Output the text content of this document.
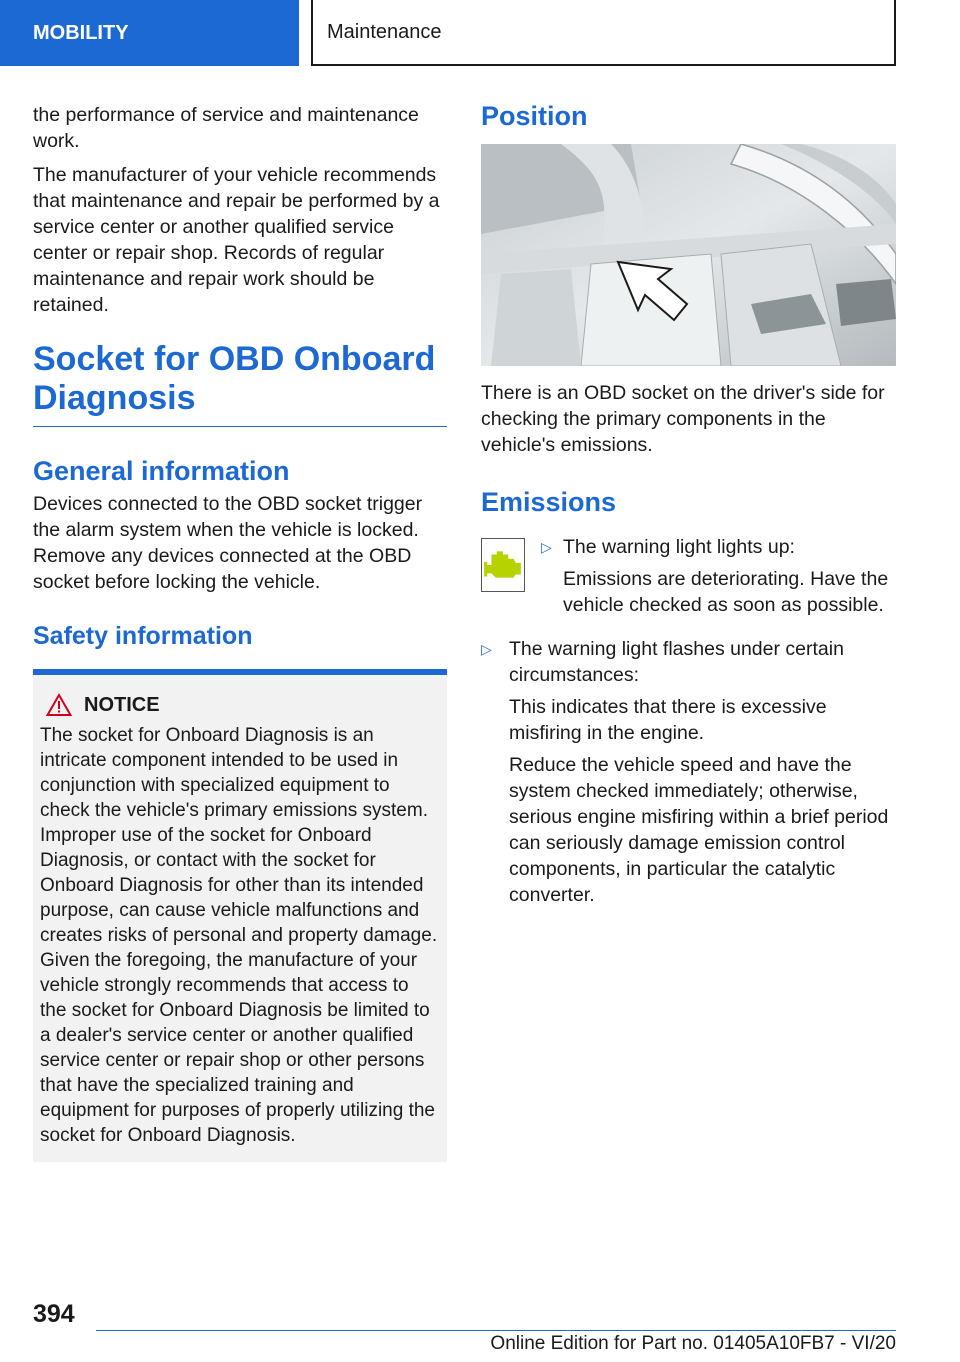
MOBILITY	Maintenance

the performance of service and maintenance work.

The manufacturer of your vehicle recommends that maintenance and repair be performed by a service center or another qualified service center or repair shop. Records of regular maintenance and repair work should be retained.

Socket for OBD Onboard Diagnosis
General information

Devices connected to the OBD socket trigger the alarm system when the vehicle is locked. Remove any devices connected at the OBD socket before locking the vehicle.

Safety information
NOTICE

The socket for Onboard Diagnosis is an intricate component intended to be used in conjunction with specialized equipment to check the vehicle's primary emissions system. Improper use of the socket for Onboard Diagnosis, or contact with the socket for Onboard Diagnosis for other than its intended purpose, can cause vehicle malfunctions and creates risks of personal and property damage. Given the foregoing, the manufacture of your vehicle strongly recommends that access to the socket for Onboard Diagnosis be limited to a dealer's service center or another qualified service center or repair shop or other persons that have the specialized training and equipment for purposes of properly utilizing the socket for Onboard Diagnosis.

Position

There is an OBD socket on the driver's side for checking the primary components in the vehicle's emissions.

Emissions
▷ The warning light lights up:

Emissions are deteriorating. Have the vehicle checked as soon as possible.

▷ The warning light flashes under certain circumstances:

This indicates that there is excessive misfiring in the engine.

Reduce the vehicle speed and have the system checked immediately; otherwise, serious engine misfiring within a brief period can seriously damage emission control components, in particular the catalytic converter.

394
Online Edition for Part no. 01405A10FB7 - VI/20
